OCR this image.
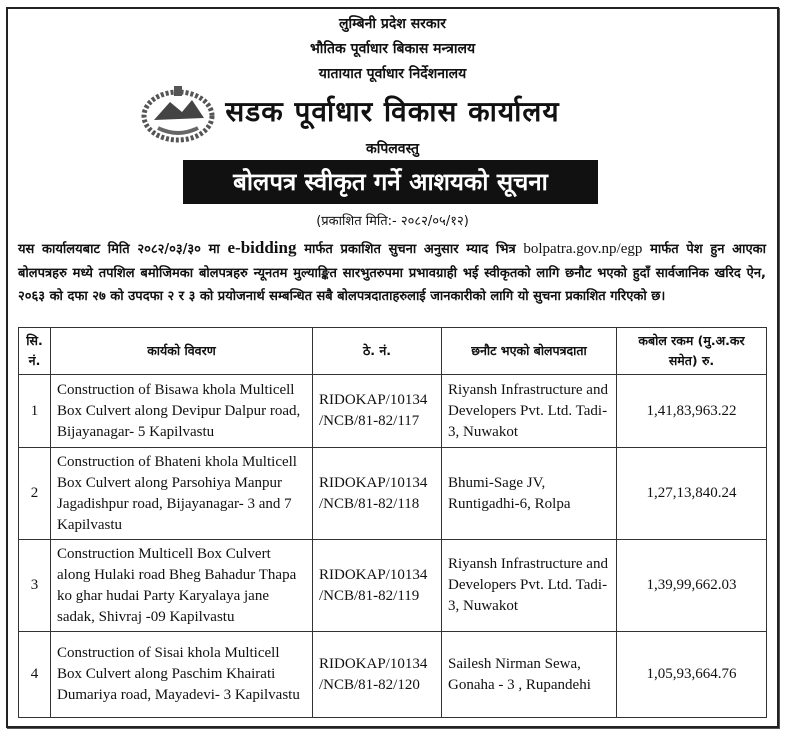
लुम्बिनी प्रदेश सरकार
भौतिक पूर्वाधार बिकास मन्त्रालय
यातायात पूर्वाधार निर्देशनालय
सडक पूर्वाधार विकास कार्यालय
कपिलवस्तु
बोलपत्र स्वीकृत गर्ने आशयको सूचना
(प्रकाशित मिति:- २०८२/०५/१२)
यस कार्यालयबाट मिति २०८२/०३/३० मा e-bidding मार्फत प्रकाशित सुचना अनुसार म्याद भित्र bolpatra.gov.np/egp मार्फत पेश हुन आएका बोलपत्रहरु मध्ये तपशिल बमोजिमका बोलपत्रहरु न्यूनतम मुल्याङ्कित सारभुतरुपमा प्रभावग्राही भई स्वीकृतको लागि छनौट भएको हुदाँ सार्वजानिक खरिद ऐन, २०६३ को दफा २७ को उपदफा २ र ३ को प्रयोजनार्थ सम्बन्धित सबै बोलपत्रदाताहरुलाई जानकारीको लागि यो सुचना प्रकाशित गरिएको छ।
सि. नं.	कार्यको विवरण	ठे. नं.	छनौट भएको बोलपत्रदाता	कबोल रकम (मु.अ.कर समेत) रु.
1	Construction of Bisawa khola Multicell Box Culvert along Devipur Dalpur road, Bijayanagar- 5 Kapilvastu	RIDOKAP/10134 /NCB/81-82/117	Riyansh Infrastructure and Developers Pvt. Ltd. Tadi-3, Nuwakot	1,41,83,963.22
2	Construction of Bhateni khola Multicell Box Culvert along Parsohiya Manpur Jagadishpur road, Bijayanagar- 3 and 7 Kapilvastu	RIDOKAP/10134 /NCB/81-82/118	Bhumi-Sage JV, Runtigadhi-6, Rolpa	1,27,13,840.24
3	Construction Multicell Box Culvert along Hulaki road Bheg Bahadur Thapa ko ghar hudai Party Karyalaya jane sadak, Shivraj -09 Kapilvastu	RIDOKAP/10134 /NCB/81-82/119	Riyansh Infrastructure and Developers Pvt. Ltd. Tadi-3, Nuwakot	1,39,99,662.03
4	Construction of Sisai khola Multicell Box Culvert along Paschim Khairati Dumariya road, Mayadevi- 3 Kapilvastu	RIDOKAP/10134 /NCB/81-82/120	Sailesh Nirman Sewa, Gonaha - 3 , Rupandehi	1,05,93,664.76
